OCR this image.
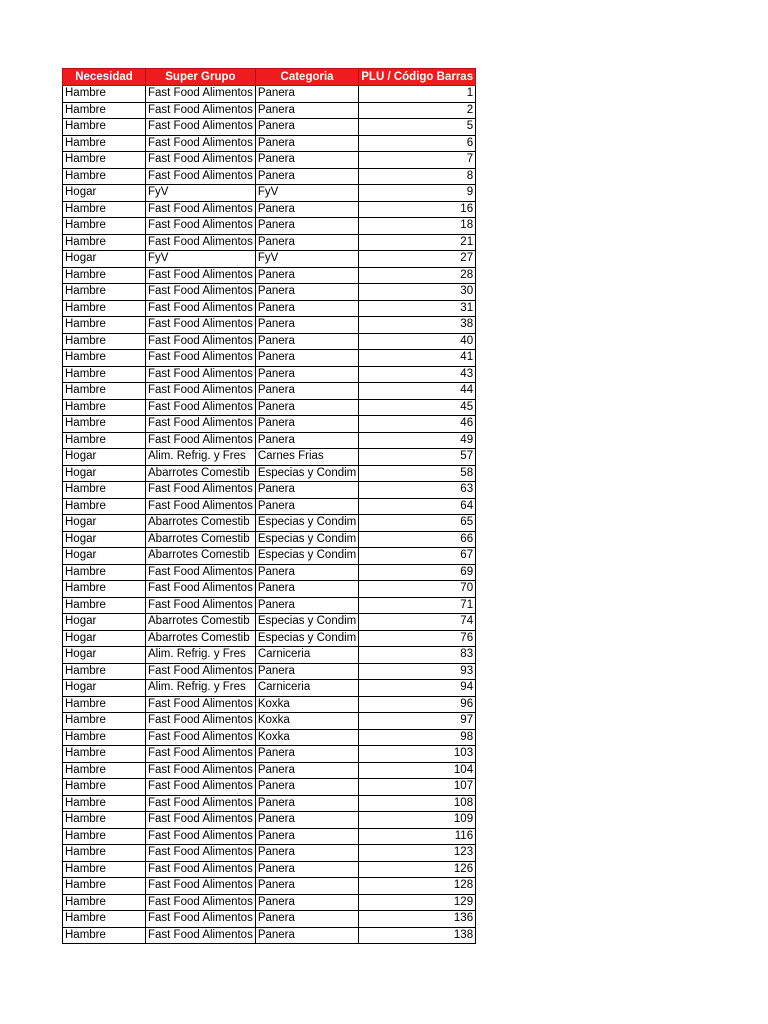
Necesidad	Super Grupo	Categoria	PLU / Código Barras
Hambre	Fast Food Alimentos	Panera	1
Hambre	Fast Food Alimentos	Panera	2
Hambre	Fast Food Alimentos	Panera	5
Hambre	Fast Food Alimentos	Panera	6
Hambre	Fast Food Alimentos	Panera	7
Hambre	Fast Food Alimentos	Panera	8
Hogar	FyV	FyV	9
Hambre	Fast Food Alimentos	Panera	16
Hambre	Fast Food Alimentos	Panera	18
Hambre	Fast Food Alimentos	Panera	21
Hogar	FyV	FyV	27
Hambre	Fast Food Alimentos	Panera	28
Hambre	Fast Food Alimentos	Panera	30
Hambre	Fast Food Alimentos	Panera	31
Hambre	Fast Food Alimentos	Panera	38
Hambre	Fast Food Alimentos	Panera	40
Hambre	Fast Food Alimentos	Panera	41
Hambre	Fast Food Alimentos	Panera	43
Hambre	Fast Food Alimentos	Panera	44
Hambre	Fast Food Alimentos	Panera	45
Hambre	Fast Food Alimentos	Panera	46
Hambre	Fast Food Alimentos	Panera	49
Hogar	Alim. Refrig. y Fres	Carnes Frias	57
Hogar	Abarrotes Comestib	Especias y Condim	58
Hambre	Fast Food Alimentos	Panera	63
Hambre	Fast Food Alimentos	Panera	64
Hogar	Abarrotes Comestib	Especias y Condim	65
Hogar	Abarrotes Comestib	Especias y Condim	66
Hogar	Abarrotes Comestib	Especias y Condim	67
Hambre	Fast Food Alimentos	Panera	69
Hambre	Fast Food Alimentos	Panera	70
Hambre	Fast Food Alimentos	Panera	71
Hogar	Abarrotes Comestib	Especias y Condim	74
Hogar	Abarrotes Comestib	Especias y Condim	76
Hogar	Alim. Refrig. y Fres	Carniceria	83
Hambre	Fast Food Alimentos	Panera	93
Hogar	Alim. Refrig. y Fres	Carniceria	94
Hambre	Fast Food Alimentos	Koxka	96
Hambre	Fast Food Alimentos	Koxka	97
Hambre	Fast Food Alimentos	Koxka	98
Hambre	Fast Food Alimentos	Panera	103
Hambre	Fast Food Alimentos	Panera	104
Hambre	Fast Food Alimentos	Panera	107
Hambre	Fast Food Alimentos	Panera	108
Hambre	Fast Food Alimentos	Panera	109
Hambre	Fast Food Alimentos	Panera	116
Hambre	Fast Food Alimentos	Panera	123
Hambre	Fast Food Alimentos	Panera	126
Hambre	Fast Food Alimentos	Panera	128
Hambre	Fast Food Alimentos	Panera	129
Hambre	Fast Food Alimentos	Panera	136
Hambre	Fast Food Alimentos	Panera	138
